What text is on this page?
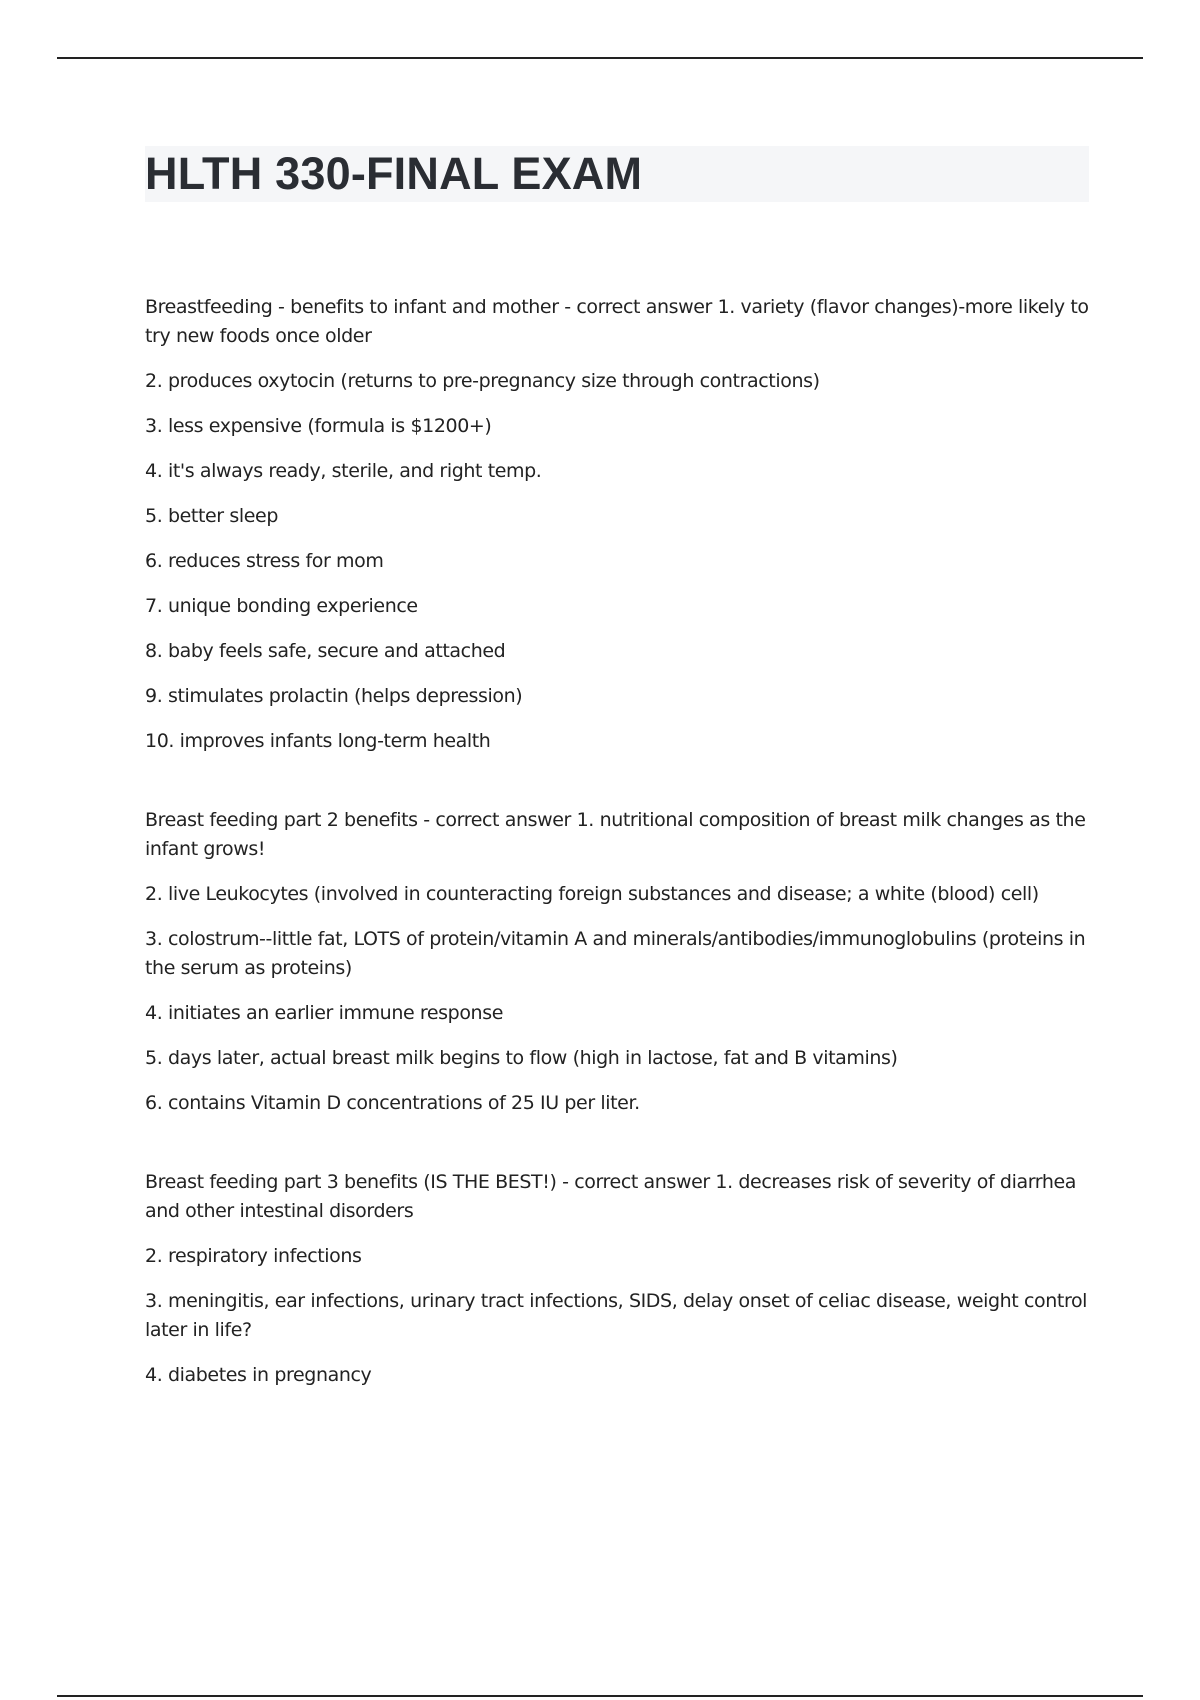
HLTH 330-FINAL EXAM

Breastfeeding - benefits to infant and mother - correct answer 1. variety (flavor changes)-more likely to try new foods once older

2. produces oxytocin (returns to pre-pregnancy size through contractions)

3. less expensive (formula is $1200+)

4. it's always ready, sterile, and right temp.

5. better sleep

6. reduces stress for mom

7. unique bonding experience

8. baby feels safe, secure and attached

9. stimulates prolactin (helps depression)

10. improves infants long-term health

Breast feeding part 2 benefits - correct answer 1. nutritional composition of breast milk changes as the infant grows!

2. live Leukocytes (involved in counteracting foreign substances and disease; a white (blood) cell)

3. colostrum--little fat, LOTS of protein/vitamin A and minerals/antibodies/immunoglobulins (proteins in the serum as proteins)

4. initiates an earlier immune response

5. days later, actual breast milk begins to flow (high in lactose, fat and B vitamins)

6. contains Vitamin D concentrations of 25 IU per liter.

Breast feeding part 3 benefits (IS THE BEST!) - correct answer 1. decreases risk of severity of diarrhea and other intestinal disorders

2. respiratory infections

3. meningitis, ear infections, urinary tract infections, SIDS, delay onset of celiac disease, weight control later in life?

4. diabetes in pregnancy
